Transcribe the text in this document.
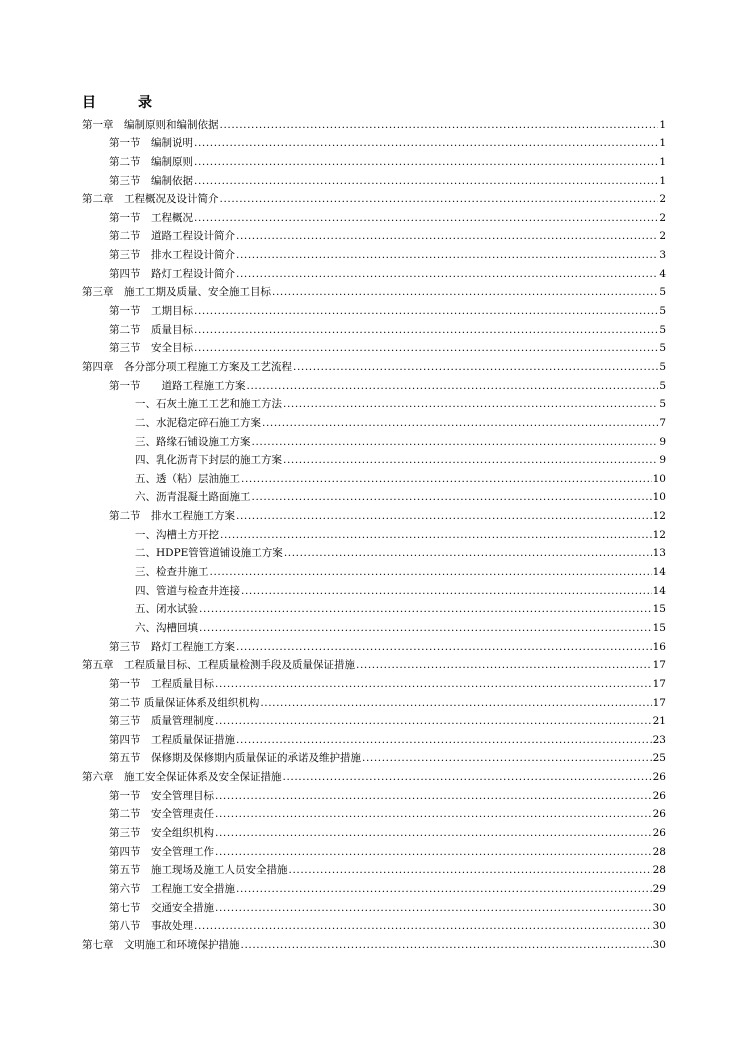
目　录
第一章　编制原则和编制依据 .....	1
第一节　编制说明 .....	1
第二节　编制原则 .....	1
第三节　编制依据 .....	1
第二章　工程概况及设计简介 .....	2
第一节　工程概况 .....	2
第二节　道路工程设计简介 .....	2
第三节　排水工程设计简介 .....	3
第四节　路灯工程设计简介 .....	4
第三章　施工工期及质量、安全施工目标 .....	5
第一节　工期目标 .....	5
第二节　质量目标 .....	5
第三节　安全目标 .....	5
第四章　各分部分项工程施工方案及工艺流程 .....	5
第一节　　道路工程施工方案 .....	5
一、石灰土施工工艺和施工方法 .....	5
二、水泥稳定碎石施工方案 .....	7
三、路缘石铺设施工方案 .....	9
四、乳化沥青下封层的施工方案 .....	9
五、透（粘）层油施工 .....	10
六、沥青混凝土路面施工 .....	10
第二节　排水工程施工方案 .....	12
一、沟槽土方开挖 .....	12
二、HDPE管管道铺设施工方案 .....	13
三、检查井施工 .....	14
四、管道与检查井连接 .....	14
五、闭水试验 .....	15
六、沟槽回填 .....	15
第三节　路灯工程施工方案 .....	16
第五章　工程质量目标、工程质量检测手段及质量保证措施 .....	17
第一节　工程质量目标 .....	17
第二节 质量保证体系及组织机构 .....	17
第三节　质量管理制度 .....	21
第四节　工程质量保证措施 .....	23
第五节　保修期及保修期内质量保证的承诺及维护措施 .....	25
第六章　施工安全保证体系及安全保证措施 .....	26
第一节　安全管理目标 .....	26
第二节　安全管理责任 .....	26
第三节　安全组织机构 .....	26
第四节　安全管理工作 .....	28
第五节　施工现场及施工人员安全措施 .....	28
第六节　工程施工安全措施 .....	29
第七节　交通安全措施 .....	30
第八节　事故处理 .....	30
第七章　文明施工和环境保护措施 .....	30
